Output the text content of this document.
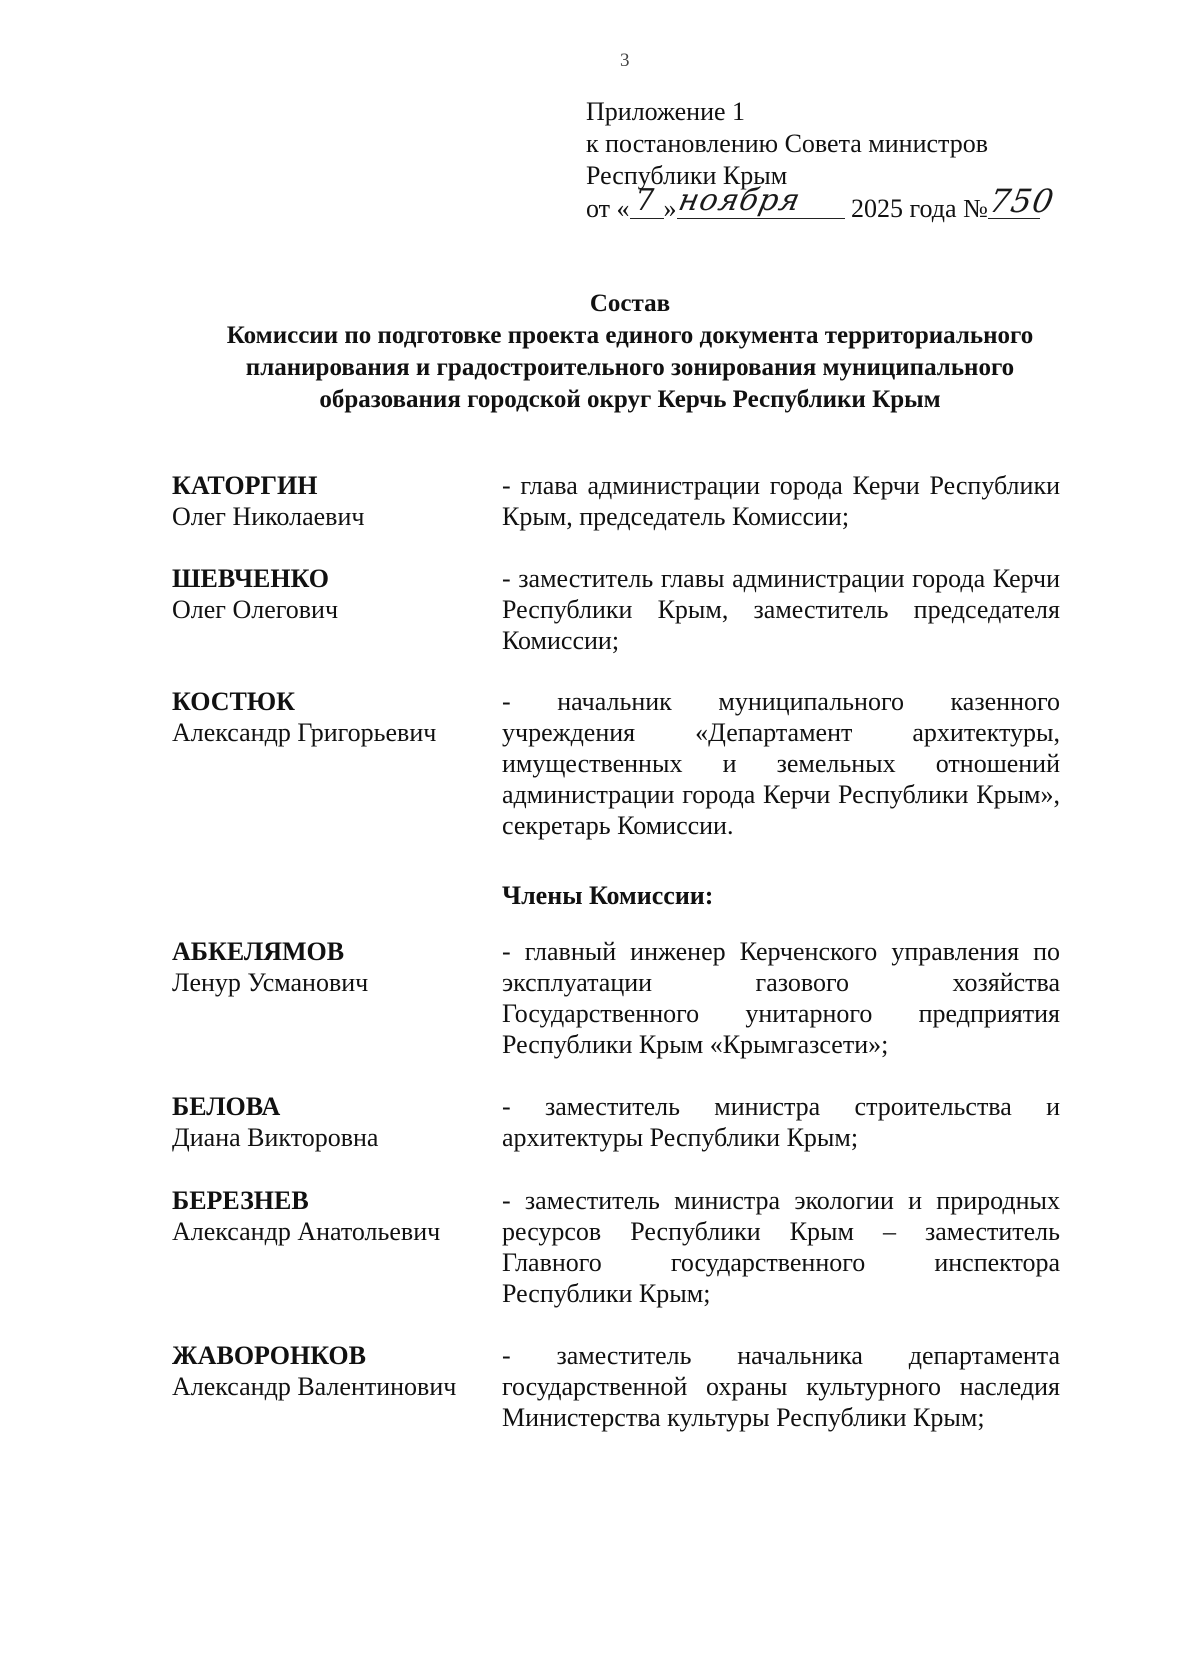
3
Приложение 1
к постановлению Совета министров
Республики Крым
от « 7 »
ноября 2025 года №
750
Состав
Комиссии по подготовке проекта единого документа территориального
планирования и градостроительного зонирования муниципального
образования городской округ Керчь Республики Крым
КАТОРГИН
Олег Николаевич
- глава администрации города Керчи Республики Крым, председатель Комиссии;
ШЕВЧЕНКО
Олег Олегович
- заместитель главы администрации города Керчи Республики Крым, заместитель председателя Комиссии;
КОСТЮК
Александр Григорьевич
- начальник муниципального казенного учреждения «Департамент архитектуры, имущественных и земельных отношений администрации города Керчи Республики Крым», секретарь Комиссии.
Члены Комиссии:
АБКЕЛЯМОВ
Ленур Усманович
- главный инженер Керченского управления по эксплуатации газового хозяйства Государственного унитарного предприятия Республики Крым «Крымгазсети»;
БЕЛОВА
Диана Викторовна
- заместитель министра строительства и архитектуры Республики Крым;
БЕРЕЗНЕВ
Александр Анатольевич
- заместитель министра экологии и природных ресурсов Республики Крым – заместитель Главного государственного инспектора Республики Крым;
ЖАВОРОНКОВ
Александр Валентинович
- заместитель начальника департамента государственной охраны культурного наследия Министерства культуры Республики Крым;
